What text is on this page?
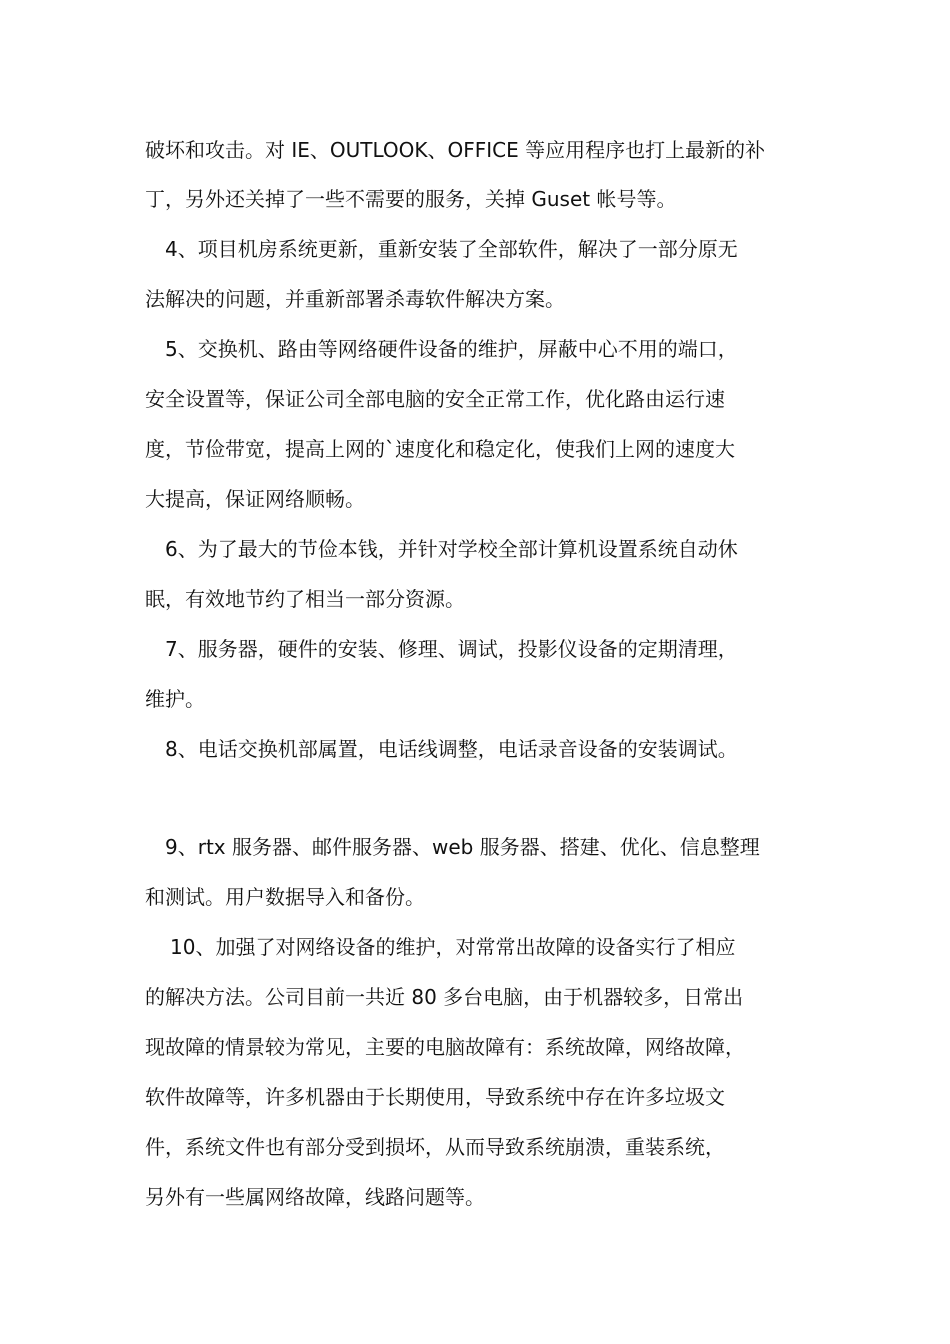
破坏和攻击。对 IE、OUTLOOK、OFFICE 等应用程序也打上最新的补
丁，另外还关掉了一些不需要的服务，关掉 Guset 帐号等。
4、项目机房系统更新，重新安装了全部软件，解决了一部分原无
法解决的问题，并重新部署杀毒软件解决方案。
5、交换机、路由等网络硬件设备的维护，屏蔽中心不用的端口，
安全设置等，保证公司全部电脑的安全正常工作，优化路由运行速
度，节俭带宽，提高上网的`速度化和稳定化，使我们上网的速度大
大提高，保证网络顺畅。
6、为了最大的节俭本钱，并针对学校全部计算机设置系统自动休
眠，有效地节约了相当一部分资源。
7、服务器，硬件的安装、修理、调试，投影仪设备的定期清理，
维护。
8、电话交换机部属置，电话线调整，电话录音设备的安装调试。
9、rtx 服务器、邮件服务器、web 服务器、搭建、优化、信息整理
和测试。用户数据导入和备份。
10、加强了对网络设备的维护，对常常出故障的设备实行了相应
的解决方法。公司目前一共近 80 多台电脑，由于机器较多，日常出
现故障的情景较为常见，主要的电脑故障有：系统故障，网络故障，
软件故障等，许多机器由于长期使用，导致系统中存在许多垃圾文
件，系统文件也有部分受到损坏，从而导致系统崩溃，重装系统，
另外有一些属网络故障，线路问题等。
